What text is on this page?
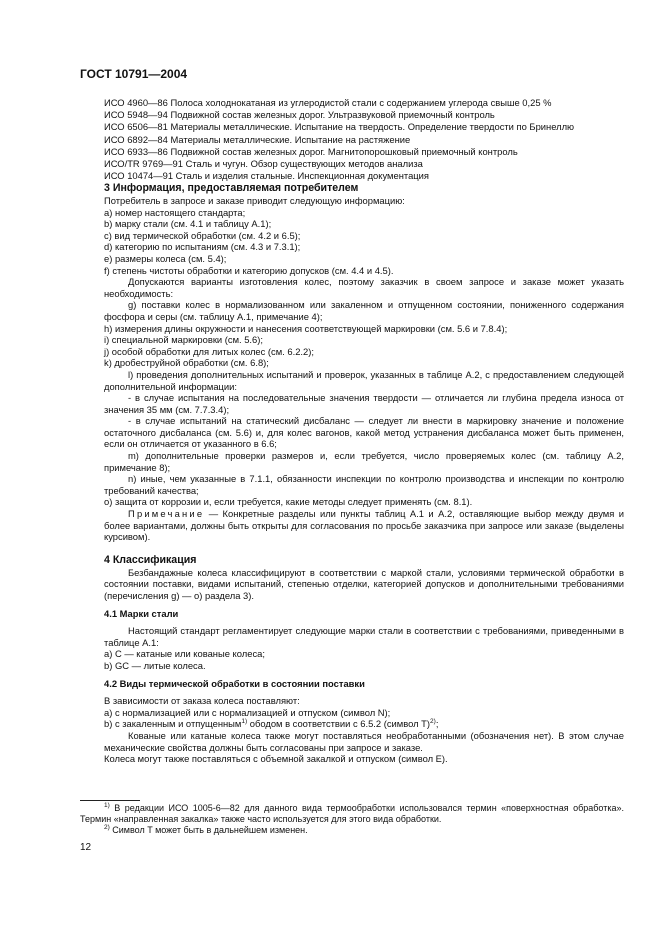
ГОСТ 10791—2004
ИСО 4960—86 Полоса холоднокатаная из углеродистой стали с содержанием углерода свыше 0,25 %
ИСО 5948—94 Подвижной состав железных дорог. Ультразвуковой приемочный контроль
ИСО 6506—81 Материалы металлические. Испытание на твердость. Определение твердости по Бринеллю
ИСО 6892—84 Материалы металлические. Испытание на растяжение
ИСО 6933—86 Подвижной состав железных дорог. Магнитопорошковый приемочный контроль
ИСО/TR 9769—91 Сталь и чугун. Обзор существующих методов анализа
ИСО 10474—91 Сталь и изделия стальные. Инспекционная документация

3 Информация, предоставляемая потребителем

Потребитель в запросе и заказе приводит следующую информацию:

a) номер настоящего стандарта;

b) марку стали (см. 4.1 и таблицу А.1);

c) вид термической обработки (см. 4.2 и 6.5);

d) категорию по испытаниям (см. 4.3 и 7.3.1);

e) размеры колеса (см. 5.4);

f) степень чистоты обработки и категорию допусков (см. 4.4 и 4.5).

Допускаются варианты изготовления колес, поэтому заказчик в своем запросе и заказе может указать необходимость:

g) поставки колес в нормализованном или закаленном и отпущенном состоянии, пониженного содержания фосфора и серы (см. таблицу А.1, примечание 4);

h) измерения длины окружности и нанесения соответствующей маркировки (см. 5.6 и 7.8.4);

i) специальной маркировки (см. 5.6);

j) особой обработки для литых колес (см. 6.2.2);

k) дробеструйной обработки (см. 6.8);

l) проведения дополнительных испытаний и проверок, указанных в таблице А.2, с предоставлением следующей дополнительной информации:

- в случае испытания на последовательные значения твердости — отличается ли глубина предела износа от значения 35 мм (см. 7.7.3.4);

- в случае испытаний на статический дисбаланс — следует ли внести в маркировку значение и положение остаточного дисбаланса (см. 5.6) и, для колес вагонов, какой метод устранения дисбаланса может быть применен, если он отличается от указанного в 6.6;

m) дополнительные проверки размеров и, если требуется, число проверяемых колес (см. таблицу А.2, примечание 8);

n) иные, чем указанные в 7.1.1, обязанности инспекции по контролю производства и инспекции по контролю требований качества;

o) защита от коррозии и, если требуется, какие методы следует применять (см. 8.1).

Примечание — Конкретные разделы или пункты таблиц А.1 и А.2, оставляющие выбор между двумя и более вариантами, должны быть открыты для согласования по просьбе заказчика при запросе или заказе (выделены курсивом).

4 Классификация

Безбандажные колеса классифицируют в соответствии с маркой стали, условиями термической обработки в состоянии поставки, видами испытаний, степенью отделки, категорией допусков и дополнительными требованиями (перечисления g) — o) раздела 3).

4.1 Марки стали

Настоящий стандарт регламентирует следующие марки стали в соответствии с требованиями, приведенными в таблице А.1:

a) C — катаные или кованые колеса;

b) GC — литые колеса.

4.2 Виды термической обработки в состоянии поставки

В зависимости от заказа колеса поставляют:

a) с нормализацией или с нормализацией и отпуском (символ N);

b) с закаленным и отпущенным$^{1)}$ ободом в соответствии с 6.5.2 (символ T)$^{2)}$;

Кованые или катаные колеса также могут поставляться необработанными (обозначения нет). В этом случае механические свойства должны быть согласованы при запросе и заказе.

Колеса могут также поставляться с объемной закалкой и отпуском (символ E).

$^{1)}$ В редакции ИСО 1005-6—82 для данного вида термообработки использовался термин «поверхностная обработка». Термин «направленная закалка» также часто используется для этого вида обработки.

$^{2)}$ Символ T может быть в дальнейшем изменен.

12
